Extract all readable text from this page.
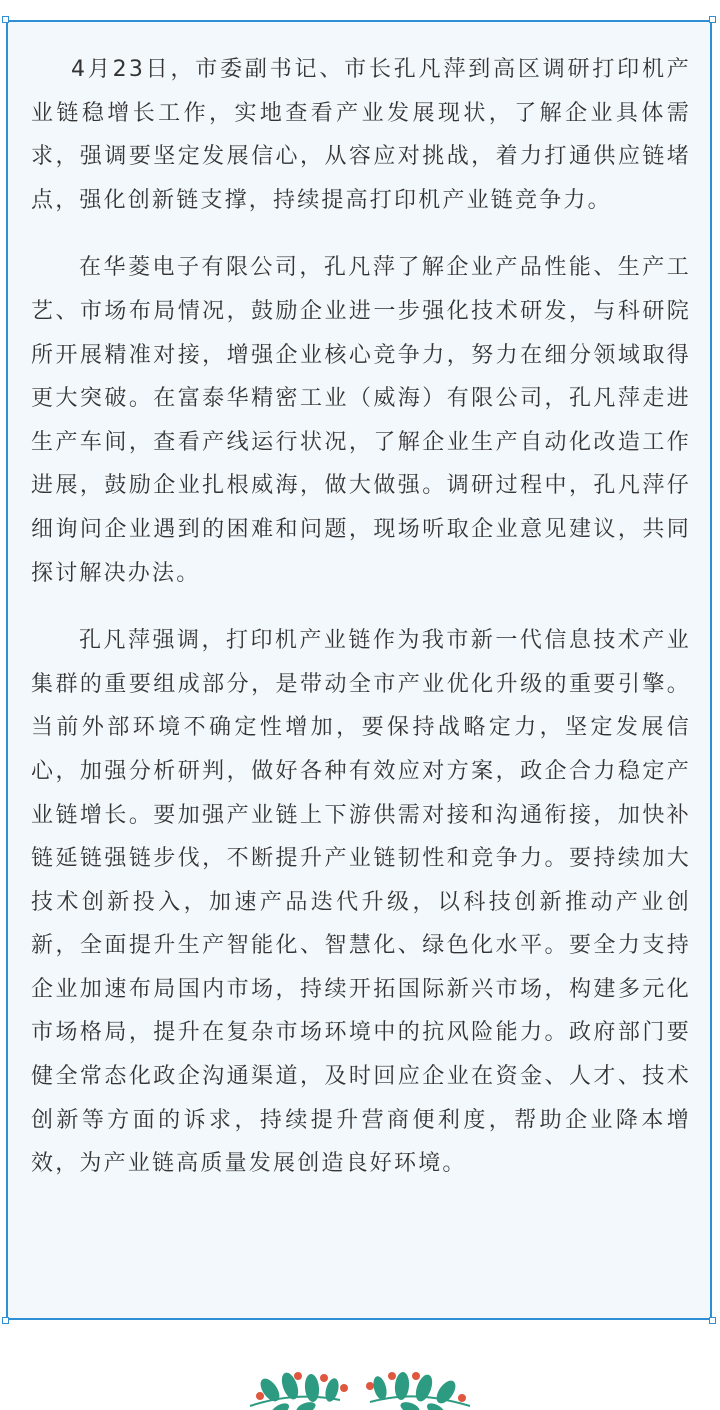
4月23日，市委副书记、市长孔凡萍到高区调研打印机产业链稳增长工作，实地查看产业发展现状，了解企业具体需求，强调要坚定发展信心，从容应对挑战，着力打通供应链堵点，强化创新链支撑，持续提高打印机产业链竞争力。

在华菱电子有限公司，孔凡萍了解企业产品性能、生产工艺、市场布局情况，鼓励企业进一步强化技术研发，与科研院所开展精准对接，增强企业核心竞争力，努力在细分领域取得更大突破。在富泰华精密工业（威海）有限公司，孔凡萍走进生产车间，查看产线运行状况，了解企业生产自动化改造工作进展，鼓励企业扎根威海，做大做强。调研过程中，孔凡萍仔细询问企业遇到的困难和问题，现场听取企业意见建议，共同探讨解决办法。

孔凡萍强调，打印机产业链作为我市新一代信息技术产业集群的重要组成部分，是带动全市产业优化升级的重要引擎。当前外部环境不确定性增加，要保持战略定力，坚定发展信心，加强分析研判，做好各种有效应对方案，政企合力稳定产业链增长。要加强产业链上下游供需对接和沟通衔接，加快补链延链强链步伐，不断提升产业链韧性和竞争力。要持续加大技术创新投入，加速产品迭代升级，以科技创新推动产业创新，全面提升生产智能化、智慧化、绿色化水平。要全力支持企业加速布局国内市场，持续开拓国际新兴市场，构建多元化市场格局，提升在复杂市场环境中的抗风险能力。政府部门要健全常态化政企沟通渠道，及时回应企业在资金、人才、技术创新等方面的诉求，持续提升营商便利度，帮助企业降本增效，为产业链高质量发展创造良好环境。
